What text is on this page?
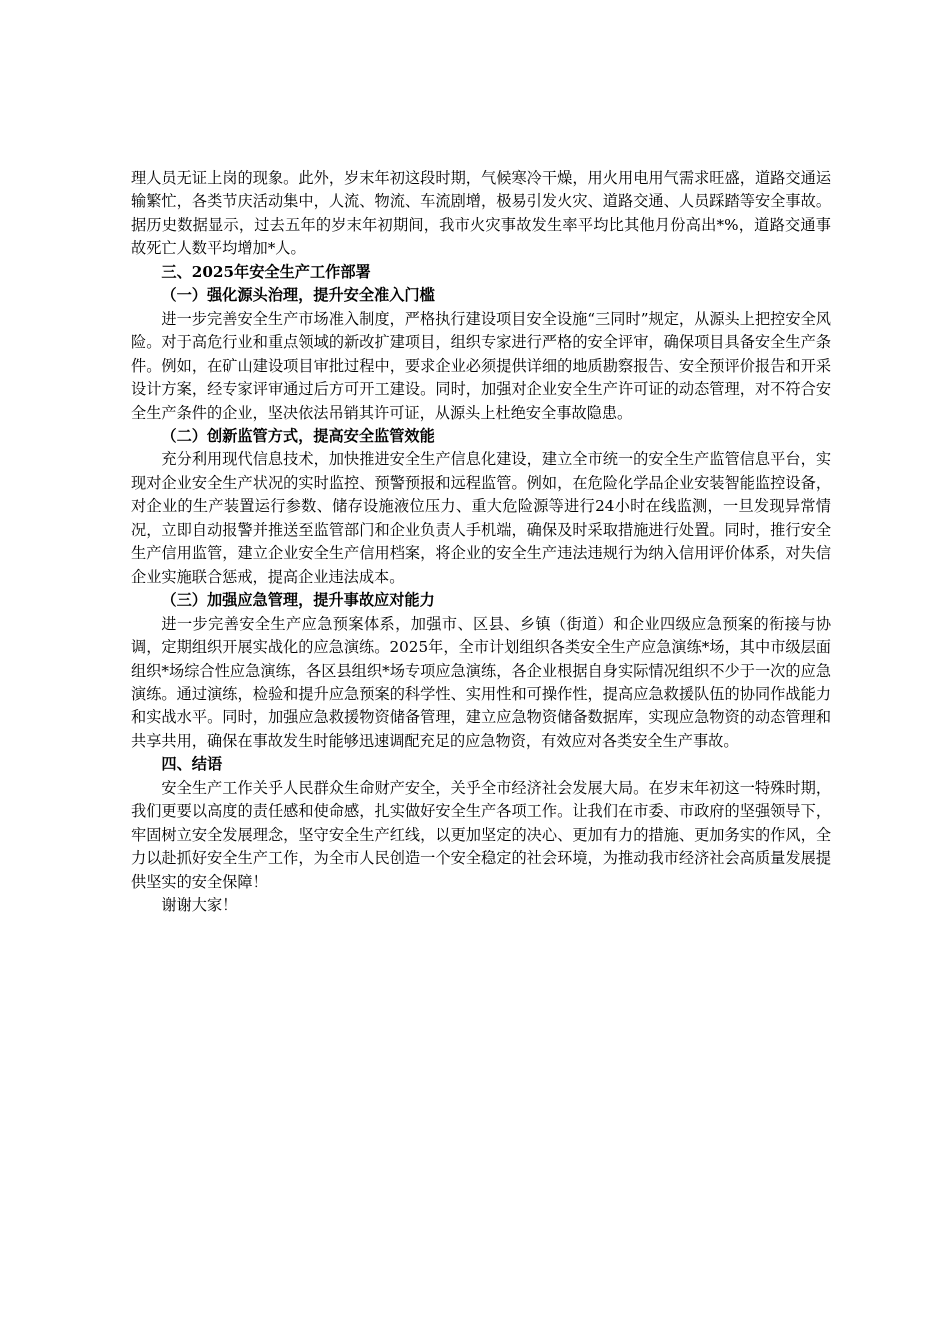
理人员无证上岗的现象。此外，岁末年初这段时期，气候寒冷干燥，用火用电用气需求旺盛，道路交通运输繁忙，各类节庆活动集中，人流、物流、车流剧增，极易引发火灾、道路交通、人员踩踏等安全事故。据历史数据显示，过去五年的岁末年初期间，我市火灾事故发生率平均比其他月份高出*%，道路交通事故死亡人数平均增加*人。

三、2025年安全生产工作部署

（一）强化源头治理，提升安全准入门槛

进一步完善安全生产市场准入制度，严格执行建设项目安全设施“三同时”规定，从源头上把控安全风险。对于高危行业和重点领域的新改扩建项目，组织专家进行严格的安全评审，确保项目具备安全生产条件。例如，在矿山建设项目审批过程中，要求企业必须提供详细的地质勘察报告、安全预评价报告和开采设计方案，经专家评审通过后方可开工建设。同时，加强对企业安全生产许可证的动态管理，对不符合安全生产条件的企业，坚决依法吊销其许可证，从源头上杜绝安全事故隐患。

（二）创新监管方式，提高安全监管效能

充分利用现代信息技术，加快推进安全生产信息化建设，建立全市统一的安全生产监管信息平台，实现对企业安全生产状况的实时监控、预警预报和远程监管。例如，在危险化学品企业安装智能监控设备，对企业的生产装置运行参数、储存设施液位压力、重大危险源等进行24小时在线监测，一旦发现异常情况，立即自动报警并推送至监管部门和企业负责人手机端，确保及时采取措施进行处置。同时，推行安全生产信用监管，建立企业安全生产信用档案，将企业的安全生产违法违规行为纳入信用评价体系，对失信企业实施联合惩戒，提高企业违法成本。

（三）加强应急管理，提升事故应对能力

进一步完善安全生产应急预案体系，加强市、区县、乡镇（街道）和企业四级应急预案的衔接与协调，定期组织开展实战化的应急演练。2025年，全市计划组织各类安全生产应急演练*场，其中市级层面组织*场综合性应急演练，各区县组织*场专项应急演练，各企业根据自身实际情况组织不少于一次的应急演练。通过演练，检验和提升应急预案的科学性、实用性和可操作性，提高应急救援队伍的协同作战能力和实战水平。同时，加强应急救援物资储备管理，建立应急物资储备数据库，实现应急物资的动态管理和共享共用，确保在事故发生时能够迅速调配充足的应急物资，有效应对各类安全生产事故。

四、结语

安全生产工作关乎人民群众生命财产安全，关乎全市经济社会发展大局。在岁末年初这一特殊时期，我们更要以高度的责任感和使命感，扎实做好安全生产各项工作。让我们在市委、市政府的坚强领导下，牢固树立安全发展理念，坚守安全生产红线，以更加坚定的决心、更加有力的措施、更加务实的作风，全力以赴抓好安全生产工作，为全市人民创造一个安全稳定的社会环境，为推动我市经济社会高质量发展提供坚实的安全保障！

谢谢大家！
